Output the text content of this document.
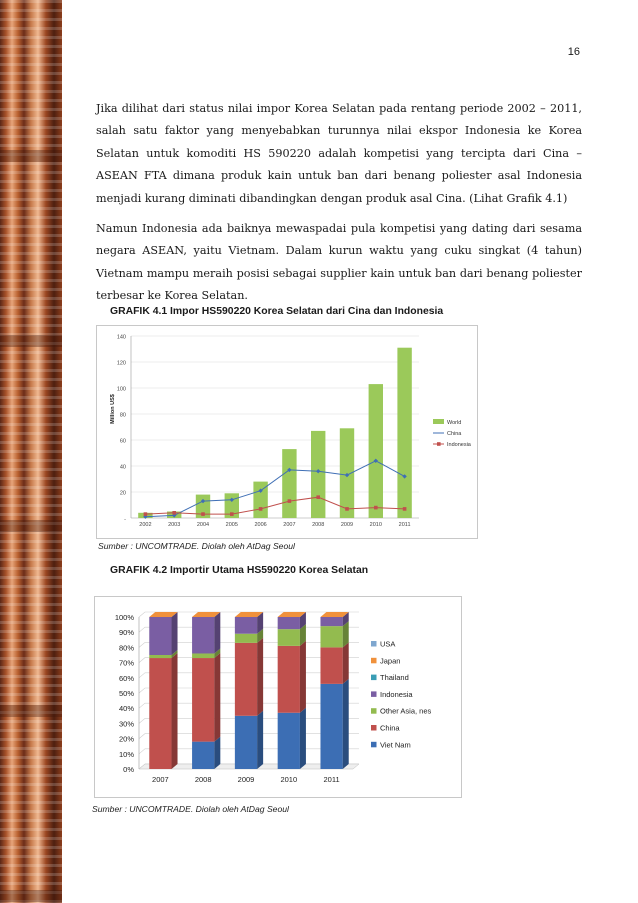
16

Jika dilihat dari status nilai impor Korea Selatan pada rentang periode 2002 – 2011, salah satu faktor yang menyebabkan turunnya nilai ekspor Indonesia ke Korea Selatan untuk komoditi HS 590220 adalah kompetisi yang tercipta dari Cina – ASEAN FTA dimana produk kain untuk ban dari benang poliester asal Indonesia menjadi kurang diminati dibandingkan dengan produk asal Cina. (Lihat Grafik 4.1)

Namun Indonesia ada baiknya mewaspadai pula kompetisi yang dating dari sesama negara ASEAN, yaitu Vietnam. Dalam kurun waktu yang cuku singkat (4 tahun) Vietnam mampu meraih posisi sebagai supplier kain untuk ban dari benang poliester terbesar ke Korea Selatan.

GRAFIK 4.1 Impor HS590220 Korea Selatan dari Cina dan Indonesia
-
20
40
60
80
100
120
140
Million US$
2002	2003	2004	2005	2006	2007	2008	2009	2010	2011
World
China
Indonesia
Sumber : UNCOMTRADE. Diolah oleh AtDag Seoul
GRAFIK 4.2 Importir Utama HS590220 Korea Selatan
0%
10%
20%
30%
40%
50%
60%
70%
80%
90%
100%
2007	2008	2009	2010	2011
USA
Japan
Thailand
Indonesia
Other Asia, nes
China
Viet Nam
Sumber : UNCOMTRADE. Diolah oleh AtDag Seoul
